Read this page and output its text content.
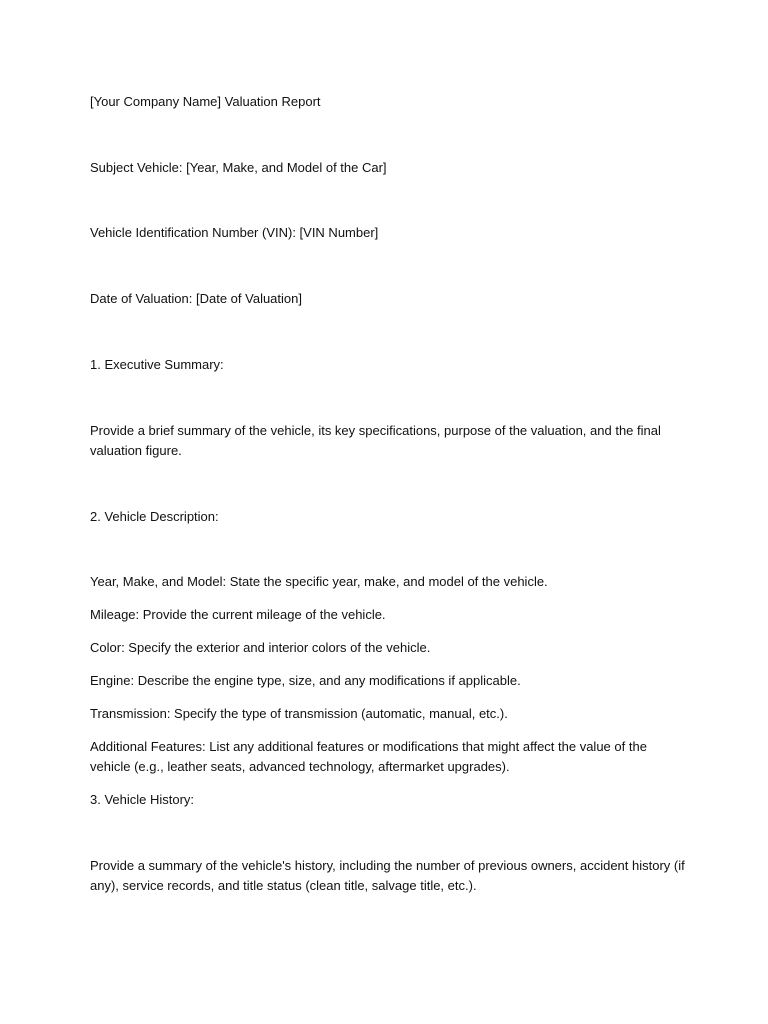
[Your Company Name] Valuation Report
Subject Vehicle: [Year, Make, and Model of the Car]
Vehicle Identification Number (VIN): [VIN Number]
Date of Valuation: [Date of Valuation]
1. Executive Summary:
Provide a brief summary of the vehicle, its key specifications, purpose of the valuation, and the final valuation figure.
2. Vehicle Description:
Year, Make, and Model: State the specific year, make, and model of the vehicle.
Mileage: Provide the current mileage of the vehicle.
Color: Specify the exterior and interior colors of the vehicle.
Engine: Describe the engine type, size, and any modifications if applicable.
Transmission: Specify the type of transmission (automatic, manual, etc.).
Additional Features: List any additional features or modifications that might affect the value of the vehicle (e.g., leather seats, advanced technology, aftermarket upgrades).
3. Vehicle History:
Provide a summary of the vehicle's history, including the number of previous owners, accident history (if any), service records, and title status (clean title, salvage title, etc.).
